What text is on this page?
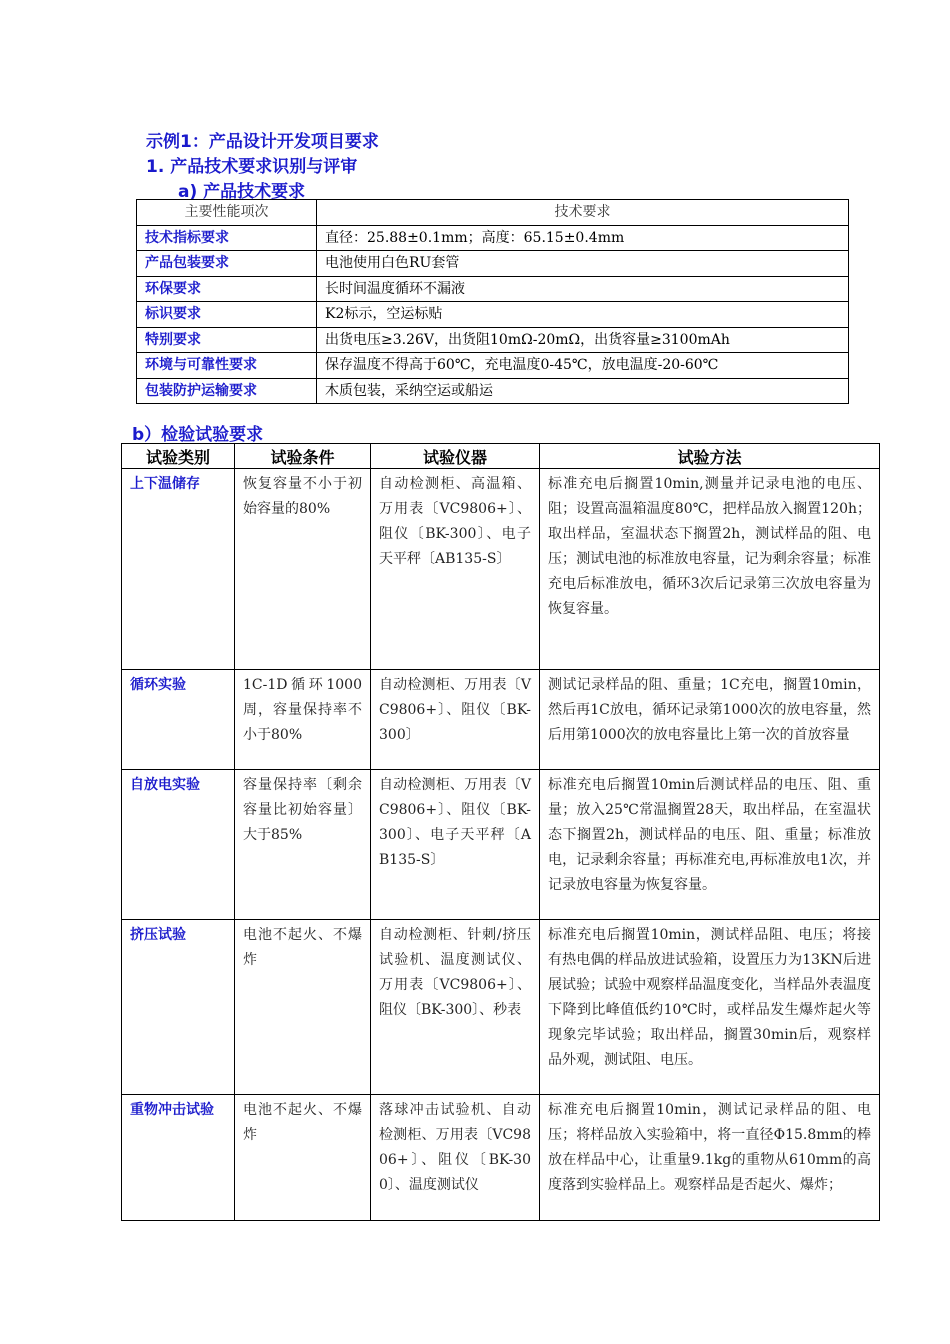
示例1：产品设计开发项目要求
1. 产品技术要求识别与评审
a) 产品技术要求
主要性能项次	技术要求
技术指标要求	直径：25.88±0.1mm；高度：65.15±0.4mm
产品包装要求	电池使用白色RU套管
环保要求	长时间温度循环不漏液
标识要求	K2标示，空运标贴
特别要求	出货电压≥3.26V，出货阻10mΩ-20mΩ，出货容量≥3100mAh
环境与可靠性要求	保存温度不得高于60℃，充电温度0-45℃，放电温度-20-60℃
包装防护运输要求	木质包装，采纳空运或船运
b）检验试验要求
试验类别	试验条件	试验仪器	试验方法
上下温储存	恢复容量不小于初始容量的80%	自动检测柜、高温箱、万用表〔VC9806+〕、阻仪〔BK-300〕、电子天平秤〔AB135-S〕	标准充电后搁置10min,测量并记录电池的电压、阻；设置高温箱温度80℃，把样品放入搁置120h；取出样品，室温状态下搁置2h，测试样品的阻、电压；测试电池的标准放电容量，记为剩余容量；标准充电后标准放电，循环3次后记录第三次放电容量为恢复容量。
循环实验	1C-1D循环1000周，容量保持率不小于80%	自动检测柜、万用表〔VC9806+〕、阻仪〔BK-300〕	测试记录样品的阻、重量；1C充电，搁置10min，然后再1C放电，循环记录第1000次的放电容量，然后用第1000次的放电容量比上第一次的首放容量
自放电实验	容量保持率〔剩余容量比初始容量〕大于85%	自动检测柜、万用表〔VC9806+〕、阻仪〔BK-300〕、电子天平秤〔AB135-S〕	标准充电后搁置10min后测试样品的电压、阻、重量；放入25℃常温搁置28天，取出样品，在室温状态下搁置2h，测试样品的电压、阻、重量；标准放电，记录剩余容量；再标准充电,再标准放电1次，并记录放电容量为恢复容量。
挤压试验	电池不起火、不爆炸	自动检测柜、针刺/挤压试验机、温度测试仪、万用表〔VC9806+〕、阻仪〔BK-300〕、秒表	标准充电后搁置10min，测试样品阻、电压；将接有热电偶的样品放进试验箱，设置压力为13KN后进展试验；试验中观察样品温度变化，当样品外表温度下降到比峰值低约10℃时，或样品发生爆炸起火等现象完毕试验；取出样品，搁置30min后，观察样品外观，测试阻、电压。
重物冲击试验	电池不起火、不爆炸	落球冲击试验机、自动检测柜、万用表〔VC9806+〕、阻仪〔BK-300〕、温度测试仪	标准充电后搁置10min，测试记录样品的阻、电压；将样品放入实验箱中，将一直径Φ15.8mm的棒放在样品中心，让重量9.1kg的重物从610mm的高度落到实验样品上。观察样品是否起火、爆炸；
